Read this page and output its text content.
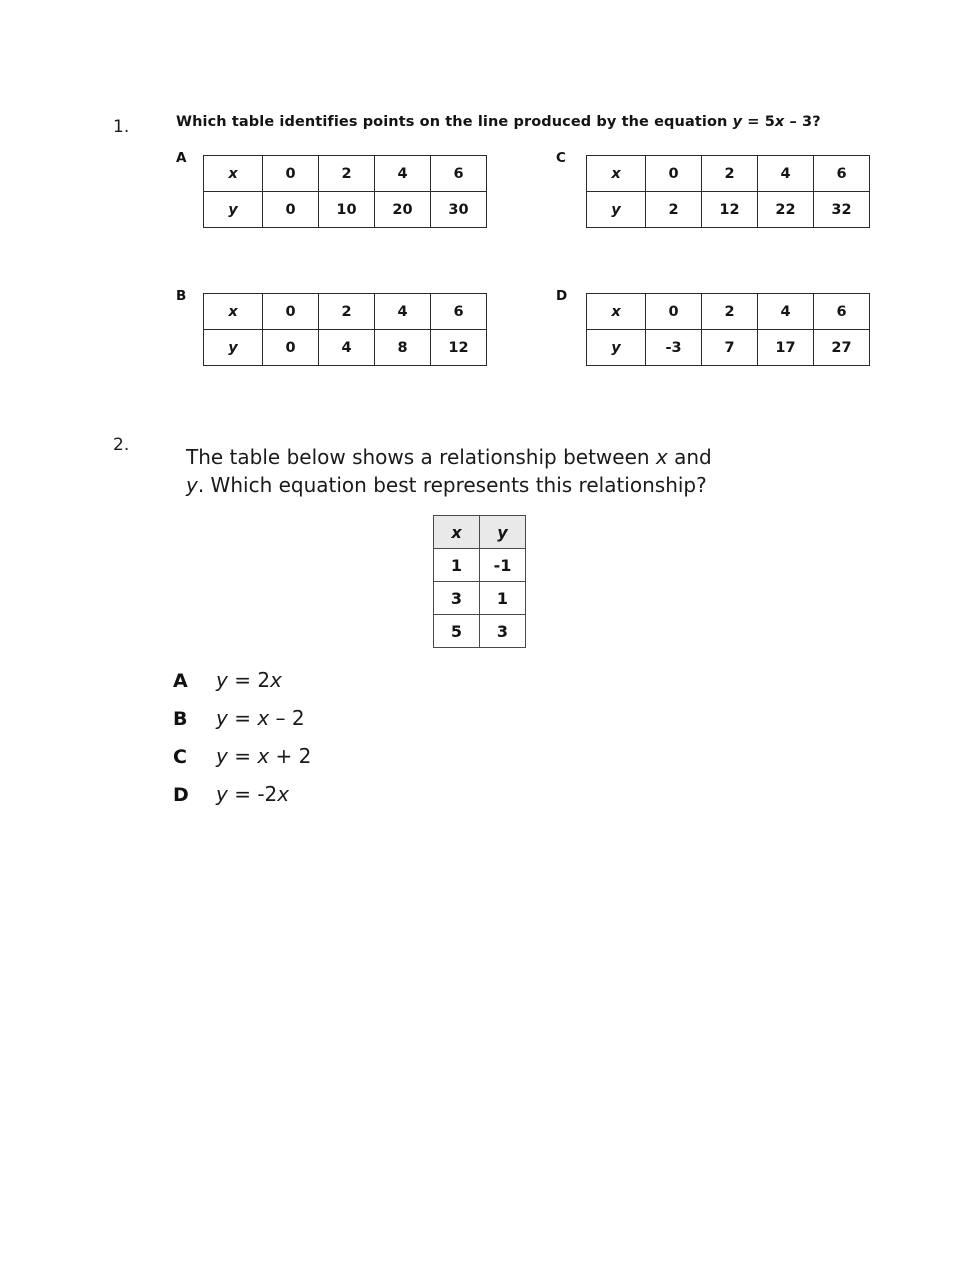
1.	Which table identifies points on the line produced by the equation y = 5x – 3?
A
x	0	2	4	6
y	0	10	20	30
C
x	0	2	4	6
y	2	12	22	32
B
x	0	2	4	6
y	0	4	8	12
D
x	0	2	4	6
y	-3	7	17	27
2.	The table below shows a relationship between x and
y. Which equation best represents this relationship?
x	y
1	-1
3	1
5	3
A	y = 2x
B	y = x – 2
C	y = x + 2
D	y = -2x
